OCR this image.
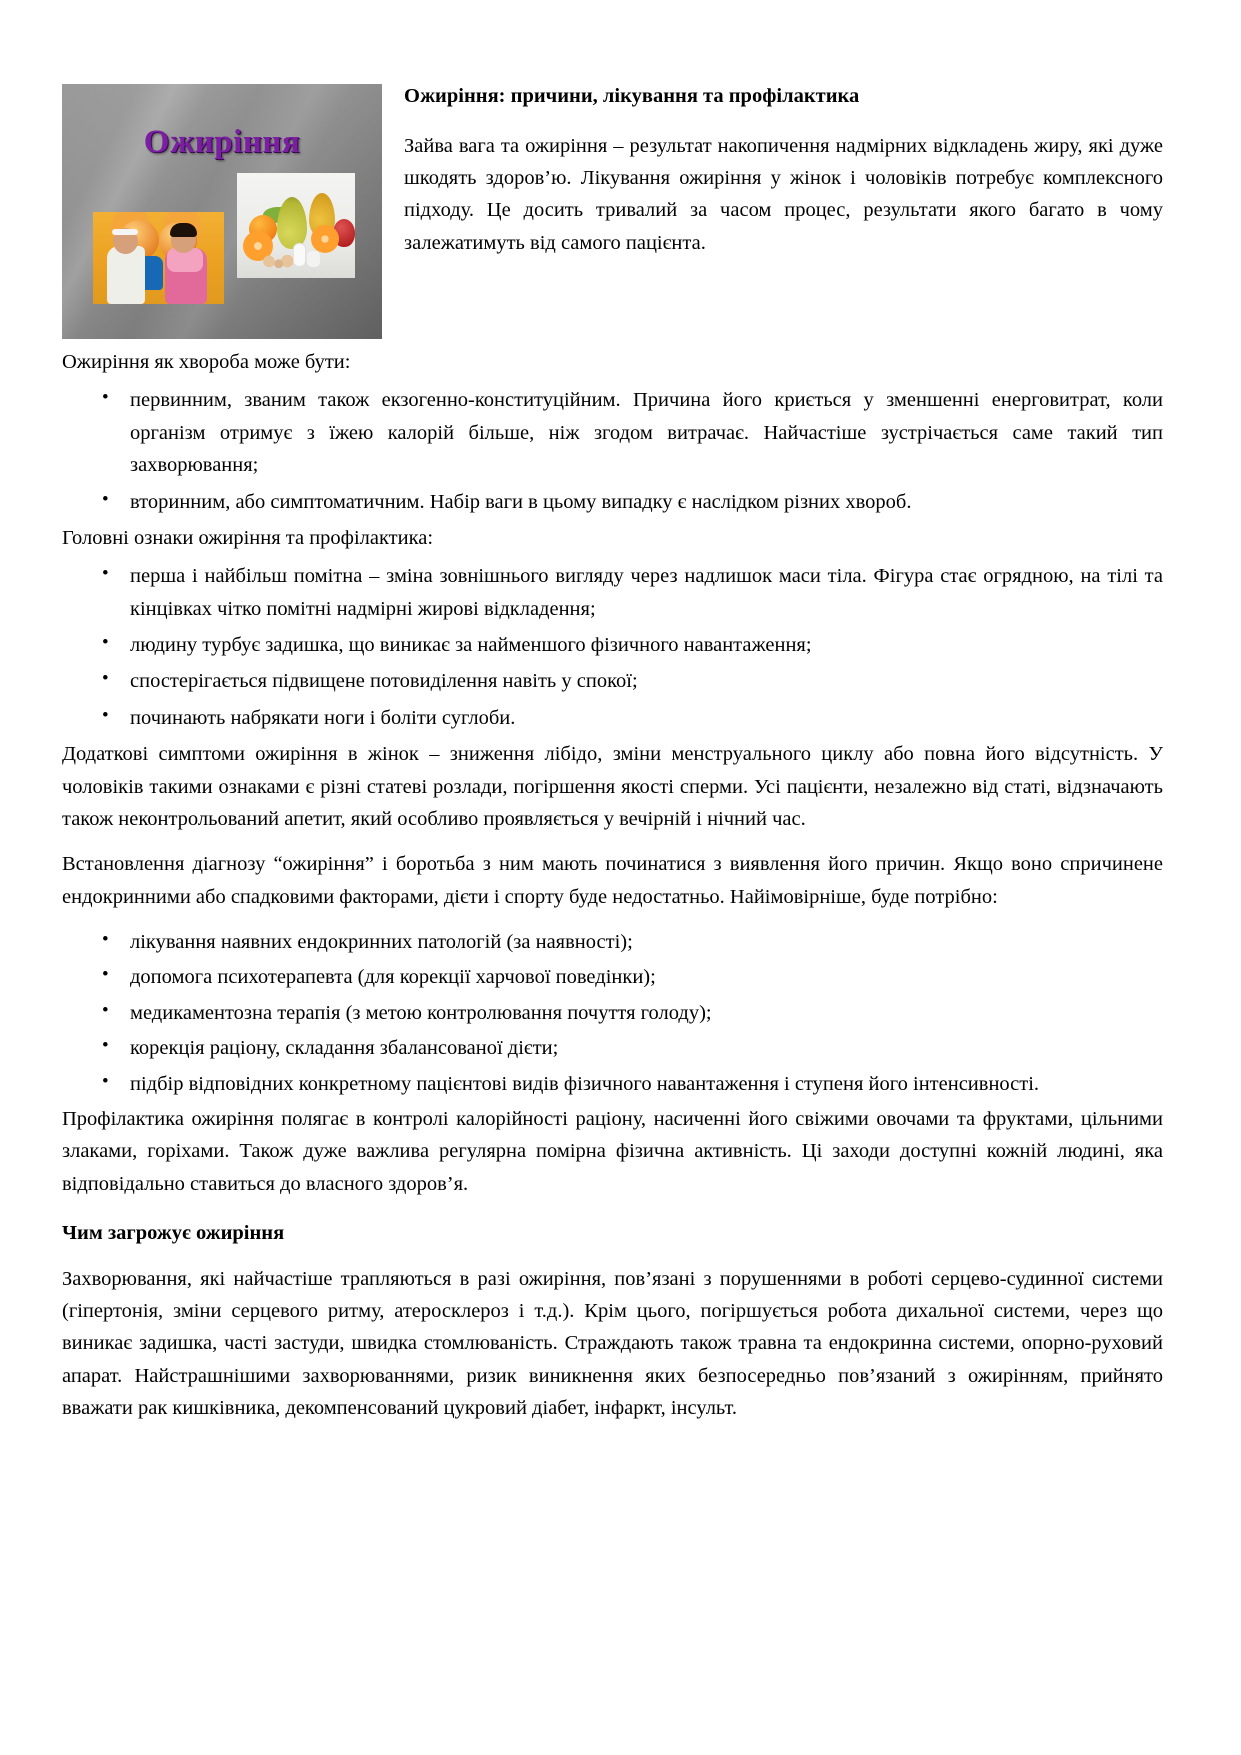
Ожиріння
Ожиріння: причини, лікування та профілактика

Зайва вага та ожиріння – результат накопичення надмірних відкладень жиру, які дуже шкодять здоров’ю. Лікування ожиріння у жінок і чоловіків потребує комплексного підходу. Це досить тривалий за часом процес, результати якого багато в чому залежатимуть від самого пацієнта.

Ожиріння як хвороба може бути:

• первинним, званим також екзогенно-конституційним. Причина його криється у зменшенні енерговитрат, коли організм отримує з їжею калорій більше, ніж згодом витрачає. Найчастіше зустрічається саме такий тип захворювання;
• вторинним, або симптоматичним. Набір ваги в цьому випадку є наслідком різних хвороб.

Головні ознаки ожиріння та профілактика:

• перша і найбільш помітна – зміна зовнішнього вигляду через надлишок маси тіла. Фігура стає огрядною, на тілі та кінцівках чітко помітні надмірні жирові відкладення;
• людину турбує задишка, що виникає за найменшого фізичного навантаження;
• спостерігається підвищене потовиділення навіть у спокої;
• починають набрякати ноги і боліти суглоби.

Додаткові симптоми ожиріння в жінок – зниження лібідо, зміни менструального циклу або повна його відсутність. У чоловіків такими ознаками є різні статеві розлади, погіршення якості сперми. Усі пацієнти, незалежно від статі, відзначають також неконтрольований апетит, який особливо проявляється у вечірній і нічний час.

Встановлення діагнозу “ожиріння” і боротьба з ним мають починатися з виявлення його причин. Якщо воно спричинене ендокринними або спадковими факторами, дієти і спорту буде недостатньо. Найімовірніше, буде потрібно:

• лікування наявних ендокринних патологій (за наявності);
• допомога психотерапевта (для корекції харчової поведінки);
• медикаментозна терапія (з метою контролювання почуття голоду);
• корекція раціону, складання збалансованої дієти;
• підбір відповідних конкретному пацієнтові видів фізичного навантаження і ступеня його інтенсивності.

Профілактика ожиріння полягає в контролі калорійності раціону, насиченні його свіжими овочами та фруктами, цільними злаками, горіхами. Також дуже важлива регулярна помірна фізична активність. Ці заходи доступні кожній людині, яка відповідально ставиться до власного здоров’я.

Чим загрожує ожиріння

Захворювання, які найчастіше трапляються в разі ожиріння, пов’язані з порушеннями в роботі серцево-судинної системи (гіпертонія, зміни серцевого ритму, атеросклероз і т.д.). Крім цього, погіршується робота дихальної системи, через що виникає задишка, часті застуди, швидка стомлюваність. Страждають також травна та ендокринна системи, опорно-руховий апарат. Найстрашнішими захворюваннями, ризик виникнення яких безпосередньо пов’язаний з ожирінням, прийнято вважати рак кишківника, декомпенсований цукровий діабет, інфаркт, інсульт.
